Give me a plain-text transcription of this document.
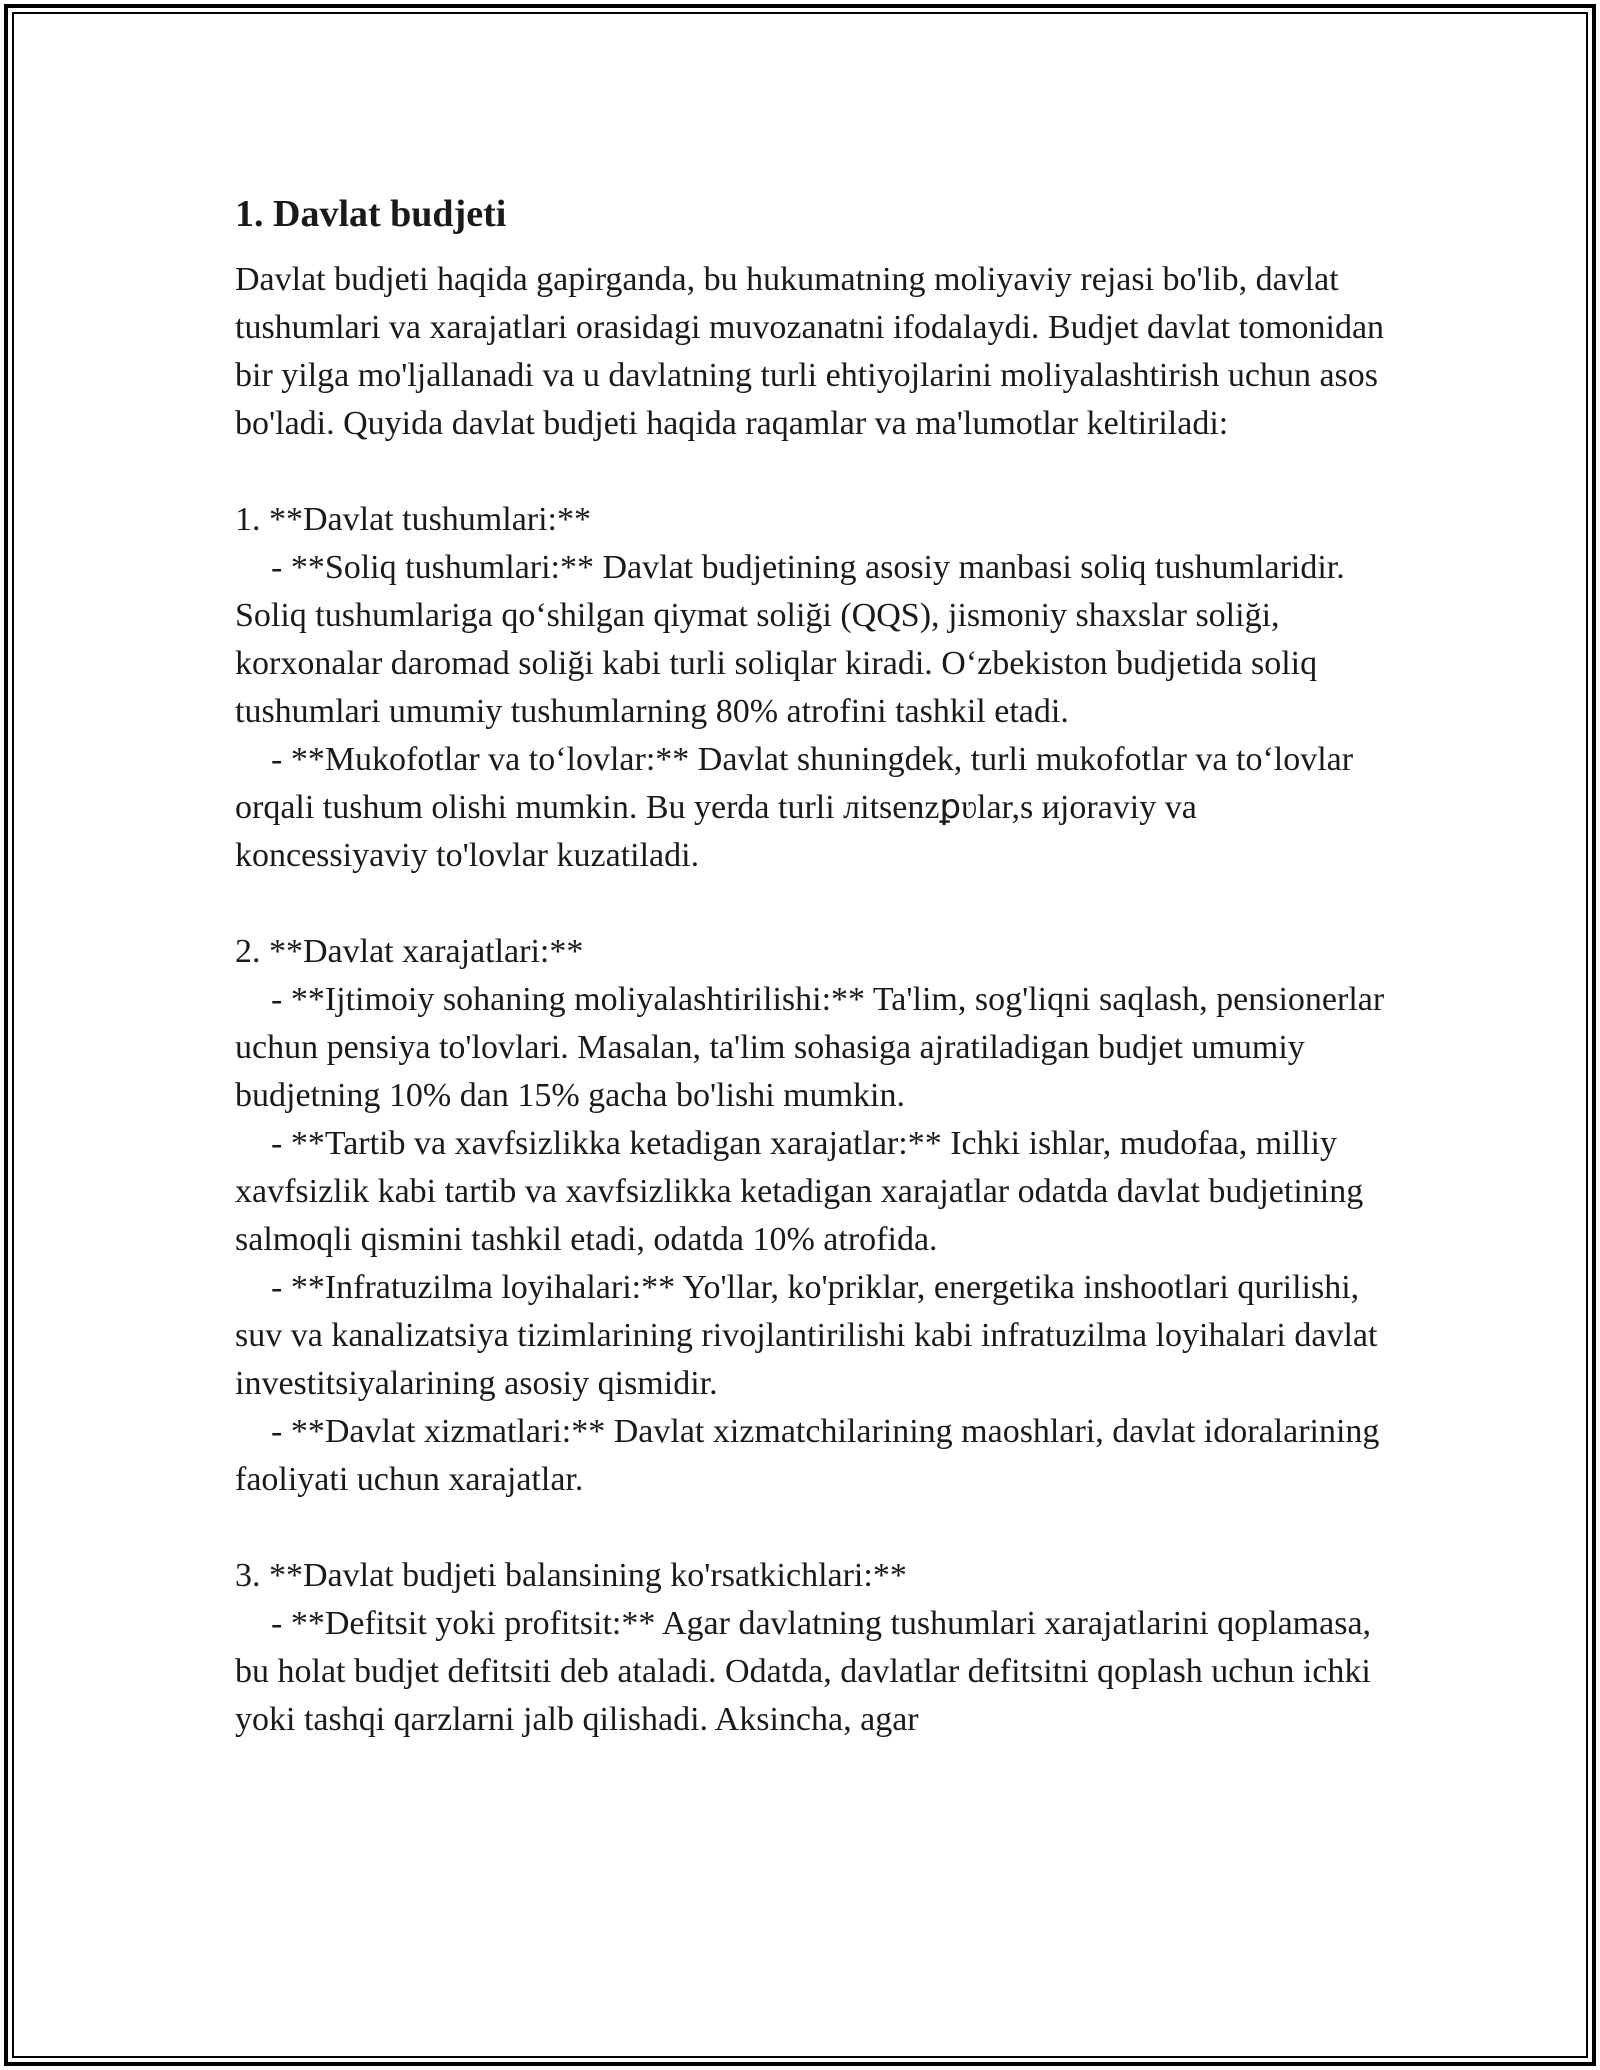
1. Davlat budjeti

Davlat budjeti haqida gapirganda, bu hukumatning moliyaviy rejasi bo'lib, davlat tushumlari va xarajatlari orasidagi muvozanatni ifodalaydi. Budjet davlat tomonidan bir yilga mo'ljallanadi va u davlatning turli ehtiyojlarini moliyalashtirish uchun asos bo'ladi. Quyida davlat budjeti haqida raqamlar va ma'lumotlar keltiriladi:

1. **Davlat tushumlari:**

- **Soliq tushumlari:** Davlat budjetining asosiy manbasi soliq tushumlaridir. Soliq tushumlariga qo‘shilgan qiymat soliği (QQS), jismoniy shaxslar soliği, korxonalar daromad soliği kabi turli soliqlar kiradi. O‘zbekiston budjetida soliq tushumlari umumiy tushumlarning 80% atrofini tashkil etadi.

- **Mukofotlar va to‘lovlar:** Davlat shuningdek, turli mukofotlar va to‘lovlar orqali tushum olishi mumkin. Bu yerda turli лitsenzꝑʋlar,s иjoraviy va koncessiyaviy to'lovlar kuzatiladi.

2. **Davlat xarajatlari:**

- **Ijtimoiy sohaning moliyalashtirilishi:** Ta'lim, sog'liqni saqlash, pensionerlar uchun pensiya to'lovlari. Masalan, ta'lim sohasiga ajratiladigan budjet umumiy budjetning 10% dan 15% gacha bo'lishi mumkin.

- **Tartib va xavfsizlikka ketadigan xarajatlar:** Ichki ishlar, mudofaa, milliy xavfsizlik kabi tartib va xavfsizlikka ketadigan xarajatlar odatda davlat budjetining salmoqli qismini tashkil etadi, odatda 10% atrofida.

- **Infratuzilma loyihalari:** Yo'llar, ko'priklar, energetika inshootlari qurilishi, suv va kanalizatsiya tizimlarining rivojlantirilishi kabi infratuzilma loyihalari davlat investitsiyalarining asosiy qismidir.

- **Davlat xizmatlari:** Davlat xizmatchilarining maoshlari, davlat idoralarining faoliyati uchun xarajatlar.

3. **Davlat budjeti balansining ko'rsatkichlari:**

- **Defitsit yoki profitsit:** Agar davlatning tushumlari xarajatlarini qoplamasa, bu holat budjet defitsiti deb ataladi. Odatda, davlatlar defitsitni qoplash uchun ichki yoki tashqi qarzlarni jalb qilishadi. Aksincha, agar
